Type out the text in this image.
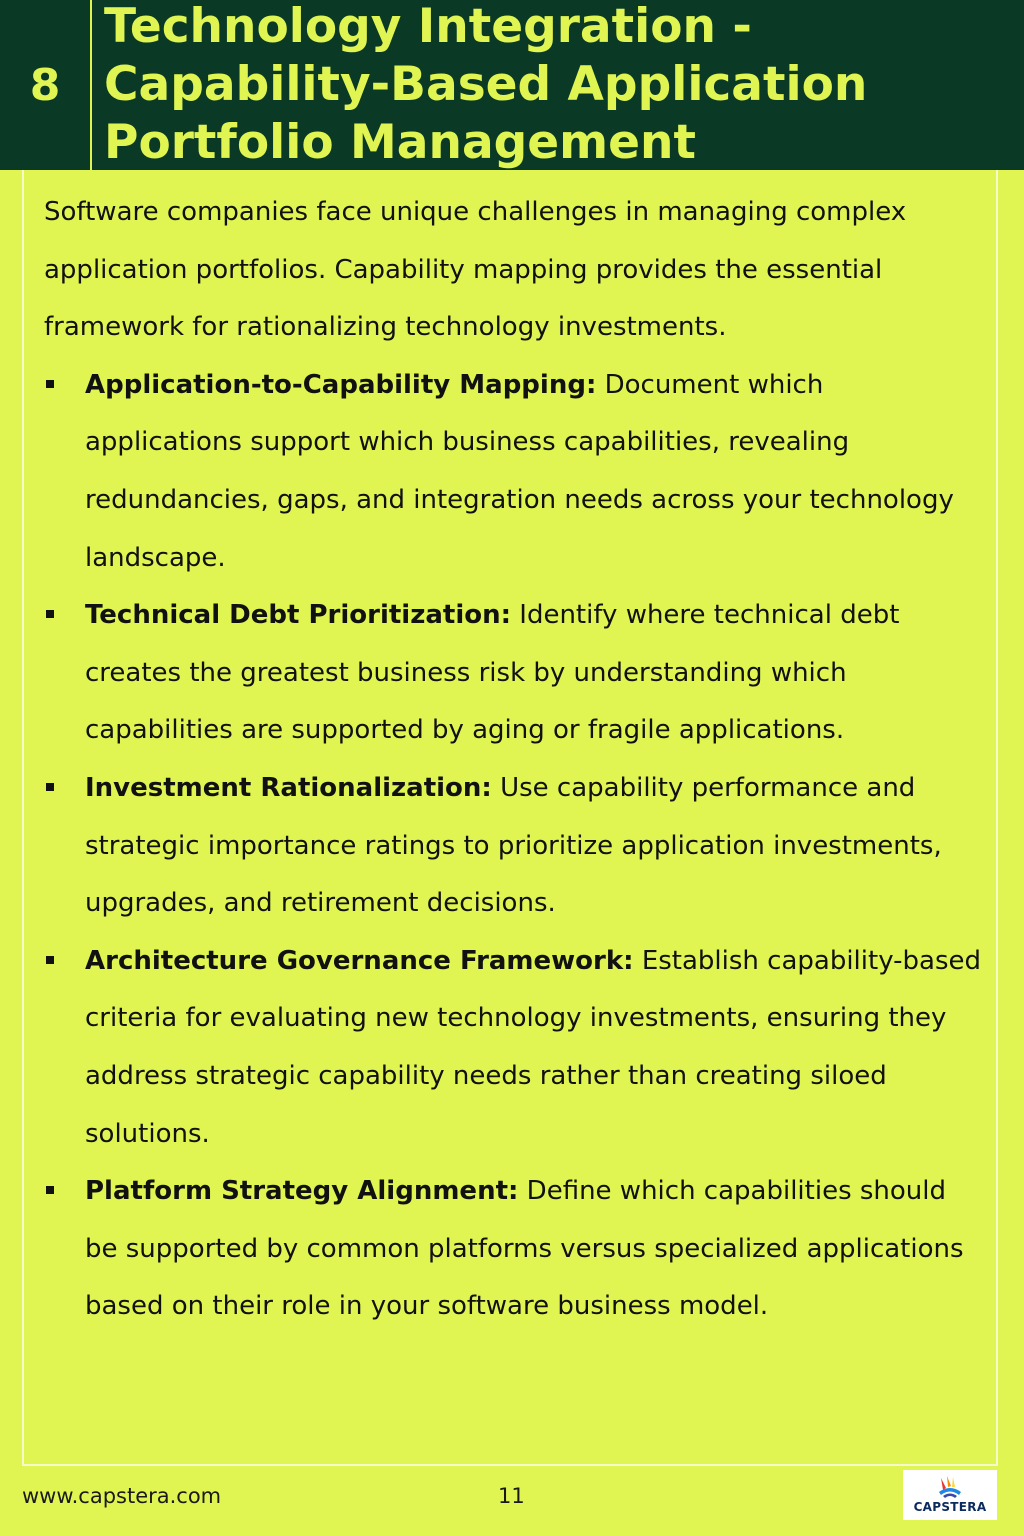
8
Technology Integration - Capability-Based Application Portfolio Management

Software companies face unique challenges in managing complex application portfolios. Capability mapping provides the essential framework for rationalizing technology investments.

Application-to-Capability Mapping: Document which applications support which business capabilities, revealing redundancies, gaps, and integration needs across your technology landscape.
Technical Debt Prioritization: Identify where technical debt creates the greatest business risk by understanding which capabilities are supported by aging or fragile applications.
Investment Rationalization: Use capability performance and strategic importance ratings to prioritize application investments, upgrades, and retirement decisions.
Architecture Governance Framework: Establish capability-based criteria for evaluating new technology investments, ensuring they address strategic capability needs rather than creating siloed solutions.
Platform Strategy Alignment: Define which capabilities should be supported by common platforms versus specialized applications based on their role in your software business model.
www.capstera.com	11	CAPSTERA
